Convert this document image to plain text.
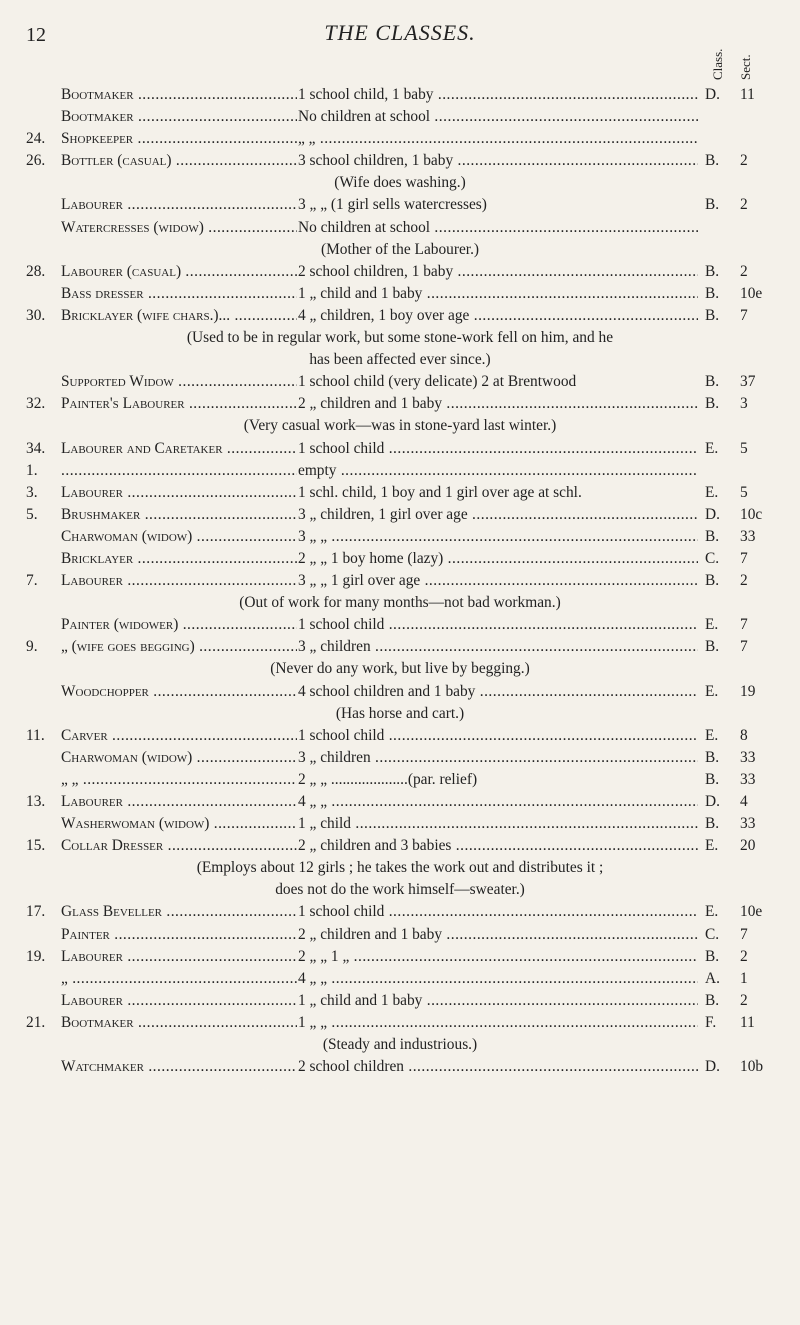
12	THE CLASSES.
Class. Sect.
Bootmaker .....	1 school child, 1 baby .....	D.	11
Bootmaker .....	No children at school .....
24.	Shopkeeper .....	„ „ .....
26.	Bottler (casual) .....	3 school children, 1 baby .....	B.	2
(Wife does washing.)
Labourer .....	3 „ „ (1 girl sells watercresses)	B.	2
Watercresses (widow) .....	No children at school .....
(Mother of the Labourer.)
28.	Labourer (casual) .....	2 school children, 1 baby .....	B.	2
Bass dresser .....	1 „ child and 1 baby .....	B.	10e
30.	Bricklayer (wife chars.)... .....	4 „ children, 1 boy over age .....	B.	7
(Used to be in regular work, but some stone-work fell on him, and he
has been affected ever since.)
Supported Widow .....	1 school child (very delicate) 2 at Brentwood	B.	37
32.	Painter's Labourer .....	2 „ children and 1 baby .....	B.	3
(Very casual work—was in stone-yard last winter.)
34.	Labourer and Caretaker .....	1 school child .....	E.	5
1.
.....	empty .....
3.	Labourer .....	1 schl. child, 1 boy and 1 girl over age at schl.	E.	5
5.	Brushmaker .....	3 „ children, 1 girl over age .....	D.	10c
Charwoman (widow) .....	3 „ „ .....	B.	33
Bricklayer .....	2 „ „ 1 boy home (lazy) .....	C.	7
7.	Labourer .....	3 „ „ 1 girl over age .....	B.	2
(Out of work for many months—not bad workman.)
Painter (widower) .....	1 school child .....	E.	7
9.	„ (wife goes begging) .....	3 „ children .....	B.	7
(Never do any work, but live by begging.)
Woodchopper .....	4 school children and 1 baby .....	E.	19
(Has horse and cart.)
11.	Carver .....	1 school child .....	E.	8
Charwoman (widow) .....	3 „ children .....	B.	33
„ „ .....	2 „ „ ....................(par. relief)	B.	33
13.	Labourer .....	4 „ „ .....	D.	4
Washerwoman (widow) .....	1 „ child .....	B.	33
15.	Collar Dresser .....	2 „ children and 3 babies .....	E.	20
(Employs about 12 girls ; he takes the work out and distributes it ;
does not do the work himself—sweater.)
17.	Glass Beveller .....	1 school child .....	E.	10e
Painter .....	2 „ children and 1 baby .....	C.	7
19.	Labourer .....	2 „ „ 1 „ .....	B.	2
„ .....	4 „ „ .....	A.	1
Labourer .....	1 „ child and 1 baby .....	B.	2
21.	Bootmaker .....	1 „ „ .....	F.	11
(Steady and industrious.)
Watchmaker .....	2 school children .....	D.	10b
